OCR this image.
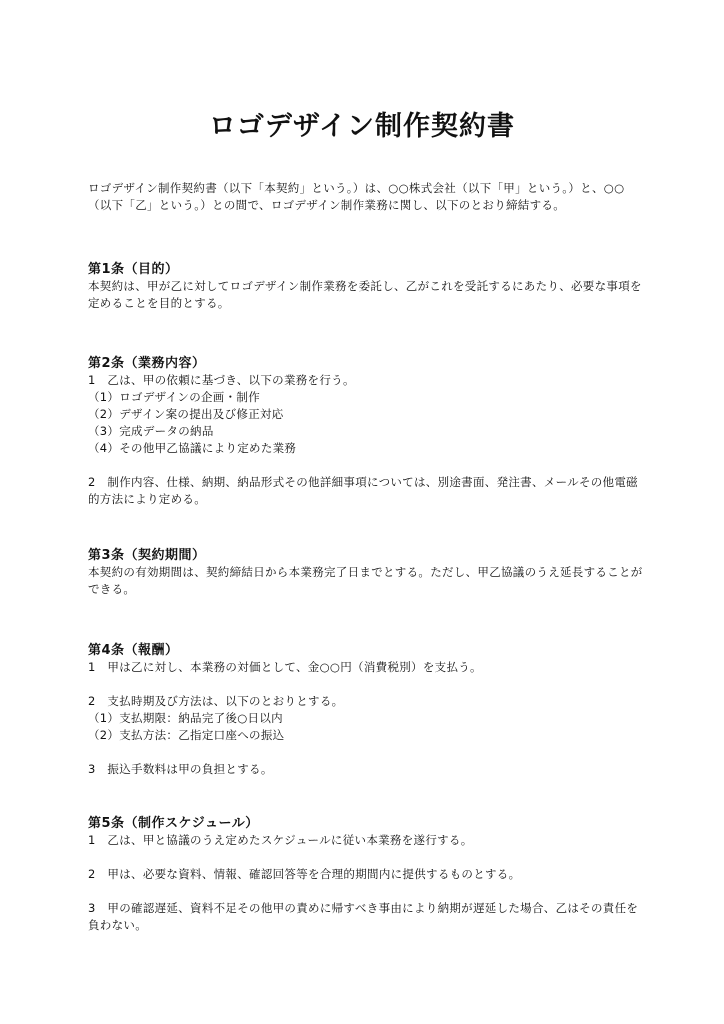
ロゴデザイン制作契約書

ロゴデザイン制作契約書（以下「本契約」という。）は、○○株式会社（以下「甲」という。）と、○○（以下「乙」という。）との間で、ロゴデザイン制作業務に関し、以下のとおり締結する。

第1条（目的）

本契約は、甲が乙に対してロゴデザイン制作業務を委託し、乙がこれを受託するにあたり、必要な事項を定めることを目的とする。

第2条（業務内容）

1　乙は、甲の依頼に基づき、以下の業務を行う。

（1）ロゴデザインの企画・制作

（2）デザイン案の提出及び修正対応

（3）完成データの納品

（4）その他甲乙協議により定めた業務

2　制作内容、仕様、納期、納品形式その他詳細事項については、別途書面、発注書、メールその他電磁的方法により定める。

第3条（契約期間）

本契約の有効期間は、契約締結日から本業務完了日までとする。ただし、甲乙協議のうえ延長することができる。

第4条（報酬）

1　甲は乙に対し、本業務の対価として、金○○円（消費税別）を支払う。

2　支払時期及び方法は、以下のとおりとする。

（1）支払期限：納品完了後○日以内

（2）支払方法：乙指定口座への振込

3　振込手数料は甲の負担とする。

第5条（制作スケジュール）

1　乙は、甲と協議のうえ定めたスケジュールに従い本業務を遂行する。

2　甲は、必要な資料、情報、確認回答等を合理的期間内に提供するものとする。

3　甲の確認遅延、資料不足その他甲の責めに帰すべき事由により納期が遅延した場合、乙はその責任を負わない。
